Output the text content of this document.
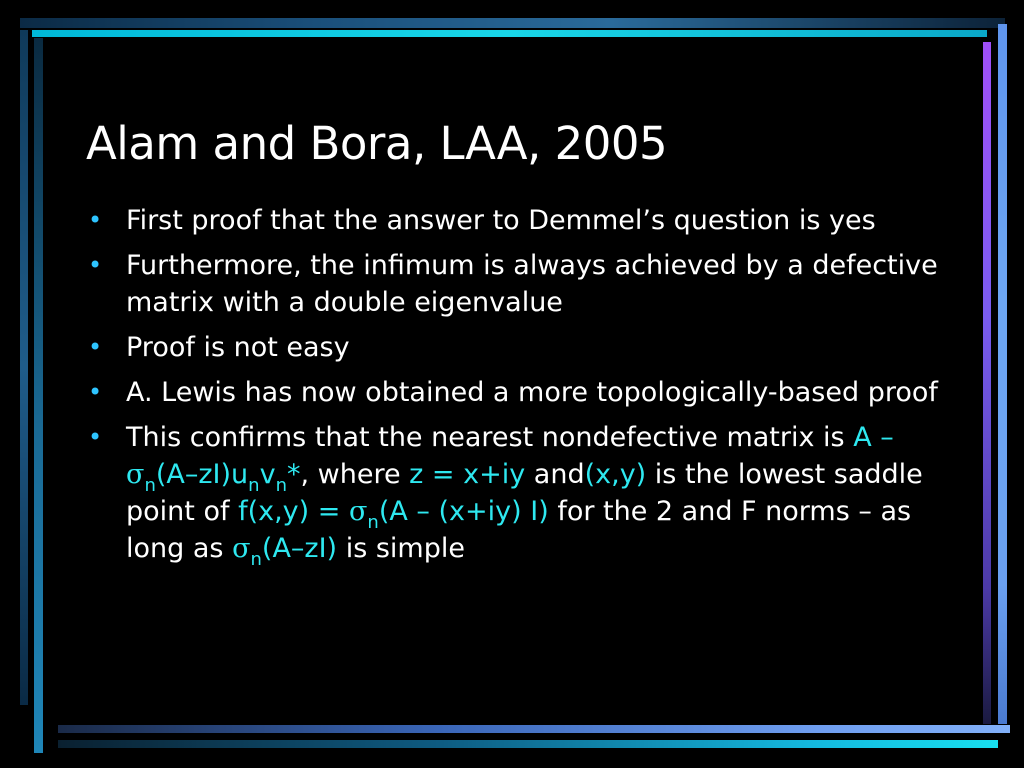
Alam and Bora, LAA, 2005
• First proof that the answer to Demmel’s question is yes
• Furthermore, the infimum is always achieved by a defective matrix with a double eigenvalue
• Proof is not easy
• A. Lewis has now obtained a more topologically-based proof
• This confirms that the nearest nondefective matrix is A – $\sigma_n(A-zI)u_nv_n*$, where z = x+iy and(x,y) is the lowest saddle point of $f(x,y) = \sigma_n(A - (x+iy)$ I) for the 2 and F norms – as long as $\sigma_n(A-zI)$ is simple
